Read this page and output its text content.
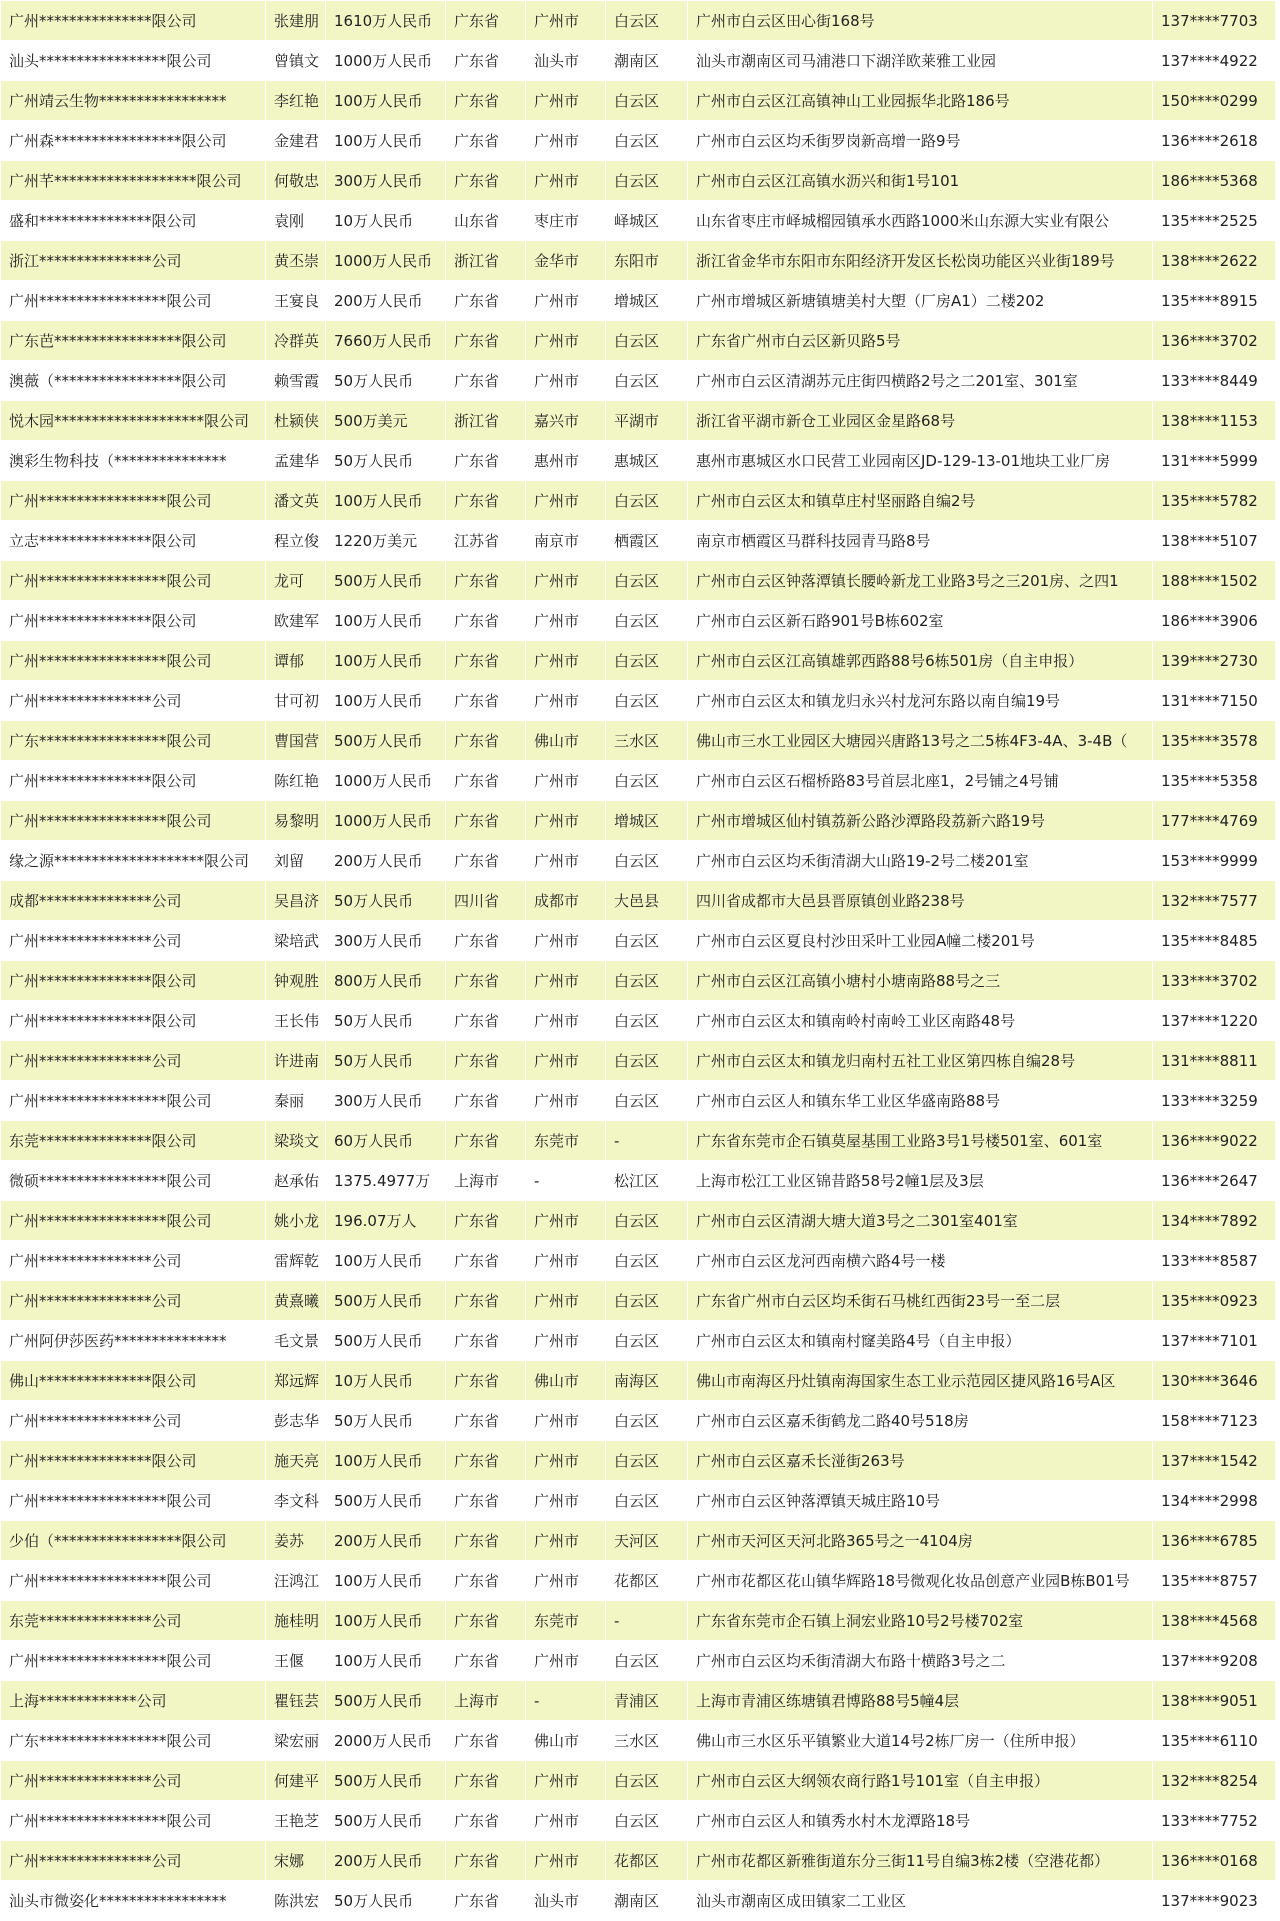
广州***************限公司	张建朋	1610万人民币	广东省	广州市	白云区	广州市白云区田心街168号	137****7703
汕头*****************限公司	曾镇文	1000万人民币	广东省	汕头市	潮南区	汕头市潮南区司马浦港口下湖洋欧莱雅工业园	137****4922
广州靖云生物*****************	李红艳	100万人民币	广东省	广州市	白云区	广州市白云区江高镇神山工业园振华北路186号	150****0299
广州森*****************限公司	金建君	100万人民币	广东省	广州市	白云区	广州市白云区均禾街罗岗新高增一路9号	136****2618
广州芊*******************限公司	何敬忠	300万人民币	广东省	广州市	白云区	广州市白云区江高镇水沥兴和街1号101	186****5368
盛和***************限公司	袁刚	10万人民币	山东省	枣庄市	峄城区	山东省枣庄市峄城榴园镇承水西路1000米山东源大实业有限公	135****2525
浙江***************公司	黄丕崇	1000万人民币	浙江省	金华市	东阳市	浙江省金华市东阳市东阳经济开发区长松岗功能区兴业街189号	138****2622
广州*****************限公司	王宴良	200万人民币	广东省	广州市	增城区	广州市增城区新塘镇塘美村大塱（厂房A1）二楼202	135****8915
广东芭*****************限公司	冷群英	7660万人民币	广东省	广州市	白云区	广东省广州市白云区新贝路5号	136****3702
澳薇（*****************限公司	赖雪霞	50万人民币	广东省	广州市	白云区	广州市白云区清湖苏元庄街四横路2号之二201室、301室	133****8449
悦木园********************限公司	杜颍侠	500万美元	浙江省	嘉兴市	平湖市	浙江省平湖市新仓工业园区金星路68号	138****1153
澳彩生物科技（***************	孟建华	50万人民币	广东省	惠州市	惠城区	惠州市惠城区水口民营工业园南区JD-129-13-01地块工业厂房	131****5999
广州*****************限公司	潘文英	100万人民币	广东省	广州市	白云区	广州市白云区太和镇草庄村坚丽路自编2号	135****5782
立志***************限公司	程立俊	1220万美元	江苏省	南京市	栖霞区	南京市栖霞区马群科技园青马路8号	138****5107
广州*****************限公司	龙可	500万人民币	广东省	广州市	白云区	广州市白云区钟落潭镇长腰岭新龙工业路3号之三201房、之四1	188****1502
广州***************限公司	欧建军	100万人民币	广东省	广州市	白云区	广州市白云区新石路901号B栋602室	186****3906
广州*****************限公司	谭郁	100万人民币	广东省	广州市	白云区	广州市白云区江高镇雄郭西路88号6栋501房（自主申报）	139****2730
广州***************公司	甘可初	100万人民币	广东省	广州市	白云区	广州市白云区太和镇龙归永兴村龙河东路以南自编19号	131****7150
广东*****************限公司	曹国营	500万人民币	广东省	佛山市	三水区	佛山市三水工业园区大塘园兴唐路13号之二5栋4F3-4A、3-4B（	135****3578
广州***************限公司	陈红艳	1000万人民币	广东省	广州市	白云区	广州市白云区石榴桥路83号首层北座1，2号铺之4号铺	135****5358
广州*****************限公司	易黎明	1000万人民币	广东省	广州市	增城区	广州市增城区仙村镇荔新公路沙潭路段荔新六路19号	177****4769
缘之源********************限公司	刘留	200万人民币	广东省	广州市	白云区	广州市白云区均禾街清湖大山路19-2号二楼201室	153****9999
成都***************公司	吴昌济	50万人民币	四川省	成都市	大邑县	四川省成都市大邑县晋原镇创业路238号	132****7577
广州***************公司	梁培武	300万人民币	广东省	广州市	白云区	广州市白云区夏良村沙田采叶工业园A幢二楼201号	135****8485
广州***************限公司	钟观胜	800万人民币	广东省	广州市	白云区	广州市白云区江高镇小塘村小塘南路88号之三	133****3702
广州***************限公司	王长伟	50万人民币	广东省	广州市	白云区	广州市白云区太和镇南岭村南岭工业区南路48号	137****1220
广州***************公司	许进南	50万人民币	广东省	广州市	白云区	广州市白云区太和镇龙归南村五社工业区第四栋自编28号	131****8811
广州*****************限公司	秦丽	300万人民币	广东省	广州市	白云区	广州市白云区人和镇东华工业区华盛南路88号	133****3259
东莞***************限公司	梁琰文	60万人民币	广东省	东莞市	-	广东省东莞市企石镇莫屋基围工业路3号1号楼501室、601室	136****9022
微硕*****************限公司	赵承佑	1375.4977万	上海市	-	松江区	上海市松江工业区锦昔路58号2幢1层及3层	136****2647
广州*****************限公司	姚小龙	196.07万人	广东省	广州市	白云区	广州市白云区清湖大塘大道3号之二301室401室	134****7892
广州***************公司	雷辉乾	100万人民币	广东省	广州市	白云区	广州市白云区龙河西南横六路4号一楼	133****8587
广州***************公司	黄熹曦	500万人民币	广东省	广州市	白云区	广东省广州市白云区均禾街石马桃红西街23号一至二层	135****0923
广州阿伊莎医药***************	毛文景	500万人民币	广东省	广州市	白云区	广州市白云区太和镇南村窿美路4号（自主申报）	137****7101
佛山***************限公司	郑远辉	10万人民币	广东省	佛山市	南海区	佛山市南海区丹灶镇南海国家生态工业示范园区捷风路16号A区	130****3646
广州***************公司	彭志华	50万人民币	广东省	广州市	白云区	广州市白云区嘉禾街鹤龙二路40号518房	158****7123
广州***************限公司	施天亮	100万人民币	广东省	广州市	白云区	广州市白云区嘉禾长湴街263号	137****1542
广州*****************限公司	李文科	500万人民币	广东省	广州市	白云区	广州市白云区钟落潭镇天城庄路10号	134****2998
少伯（*****************限公司	姜苏	200万人民币	广东省	广州市	天河区	广州市天河区天河北路365号之一4104房	136****6785
广州*****************限公司	汪鸿江	100万人民币	广东省	广州市	花都区	广州市花都区花山镇华辉路18号微观化妆品创意产业园B栋B01号	135****8757
东莞***************公司	施桂明	100万人民币	广东省	东莞市	-	广东省东莞市企石镇上洞宏业路10号2号楼702室	138****4568
广州*****************限公司	王偃	100万人民币	广东省	广州市	白云区	广州市白云区均禾街清湖大布路十横路3号之二	137****9208
上海*************公司	瞿钰芸	500万人民币	上海市	-	青浦区	上海市青浦区练塘镇君博路88号5幢4层	138****9051
广东*****************限公司	梁宏丽	2000万人民币	广东省	佛山市	三水区	佛山市三水区乐平镇繁业大道14号2栋厂房一（住所申报）	135****6110
广州***************公司	何建平	500万人民币	广东省	广州市	白云区	广州市白云区大纲领农商行路1号101室（自主申报）	132****8254
广州*****************限公司	王艳芝	500万人民币	广东省	广州市	白云区	广州市白云区人和镇秀水村木龙潭路18号	133****7752
广州***************公司	宋娜	200万人民币	广东省	广州市	花都区	广州市花都区新雅街道东分三街11号自编3栋2楼（空港花都）	136****0168
汕头市微姿化*****************	陈洪宏	50万人民币	广东省	汕头市	潮南区	汕头市潮南区成田镇家二工业区	137****9023
